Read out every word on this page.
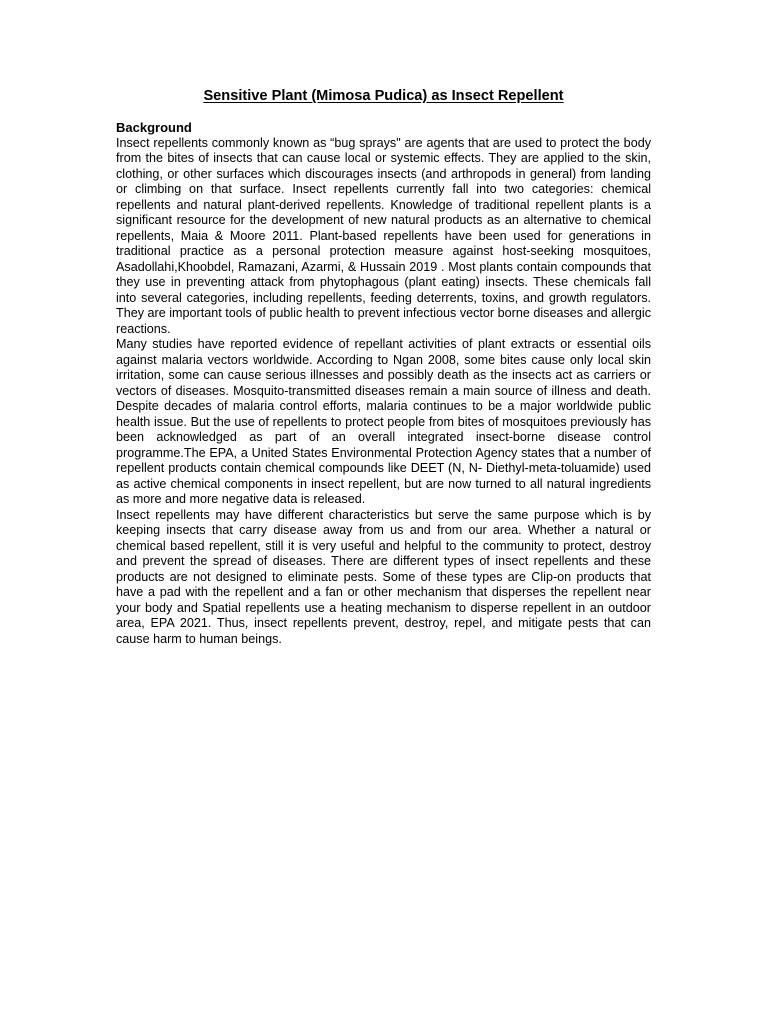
Sensitive Plant (Mimosa Pudica) as Insect Repellent
Background

Insect repellents commonly known as “bug sprays" are agents that are used to protect the body from the bites of insects that can cause local or systemic effects. They are applied to the skin, clothing, or other surfaces which discourages insects (and arthropods in general) from landing or climbing on that surface. Insect repellents currently fall into two categories: chemical repellents and natural plant-derived repellents. Knowledge of traditional repellent plants is a significant resource for the development of new natural products as an alternative to chemical repellents, Maia & Moore 2011. Plant-based repellents have been used for generations in traditional practice as a personal protection measure against host-seeking mosquitoes, Asadollahi,Khoobdel, Ramazani, Azarmi, & Hussain 2019 . Most plants contain compounds that they use in preventing attack from phytophagous (plant eating) insects. These chemicals fall into several categories, including repellents, feeding deterrents, toxins, and growth regulators. They are important tools of public health to prevent infectious vector borne diseases and allergic reactions.

Many studies have reported evidence of repellant activities of plant extracts or essential oils against malaria vectors worldwide. According to Ngan 2008, some bites cause only local skin irritation, some can cause serious illnesses and possibly death as the insects act as carriers or vectors of diseases. Mosquito-transmitted diseases remain a main source of illness and death. Despite decades of malaria control efforts, malaria continues to be a major worldwide public health issue. But the use of repellents to protect people from bites of mosquitoes previously has been acknowledged as part of an overall integrated insect-borne disease control programme.The EPA, a United States Environmental Protection Agency states that a number of repellent products contain chemical compounds like DEET (N, N- Diethyl-meta-toluamide) used as active chemical components in insect repellent, but are now turned to all natural ingredients as more and more negative data is released.

Insect repellents may have different characteristics but serve the same purpose which is by keeping insects that carry disease away from us and from our area. Whether a natural or chemical based repellent, still it is very useful and helpful to the community to protect, destroy and prevent the spread of diseases. There are different types of insect repellents and these products are not designed to eliminate pests. Some of these types are Clip-on products that have a pad with the repellent and a fan or other mechanism that disperses the repellent near your body and Spatial repellents use a heating mechanism to disperse repellent in an outdoor area, EPA 2021. Thus, insect repellents prevent, destroy, repel, and mitigate pests that can cause harm to human beings.
